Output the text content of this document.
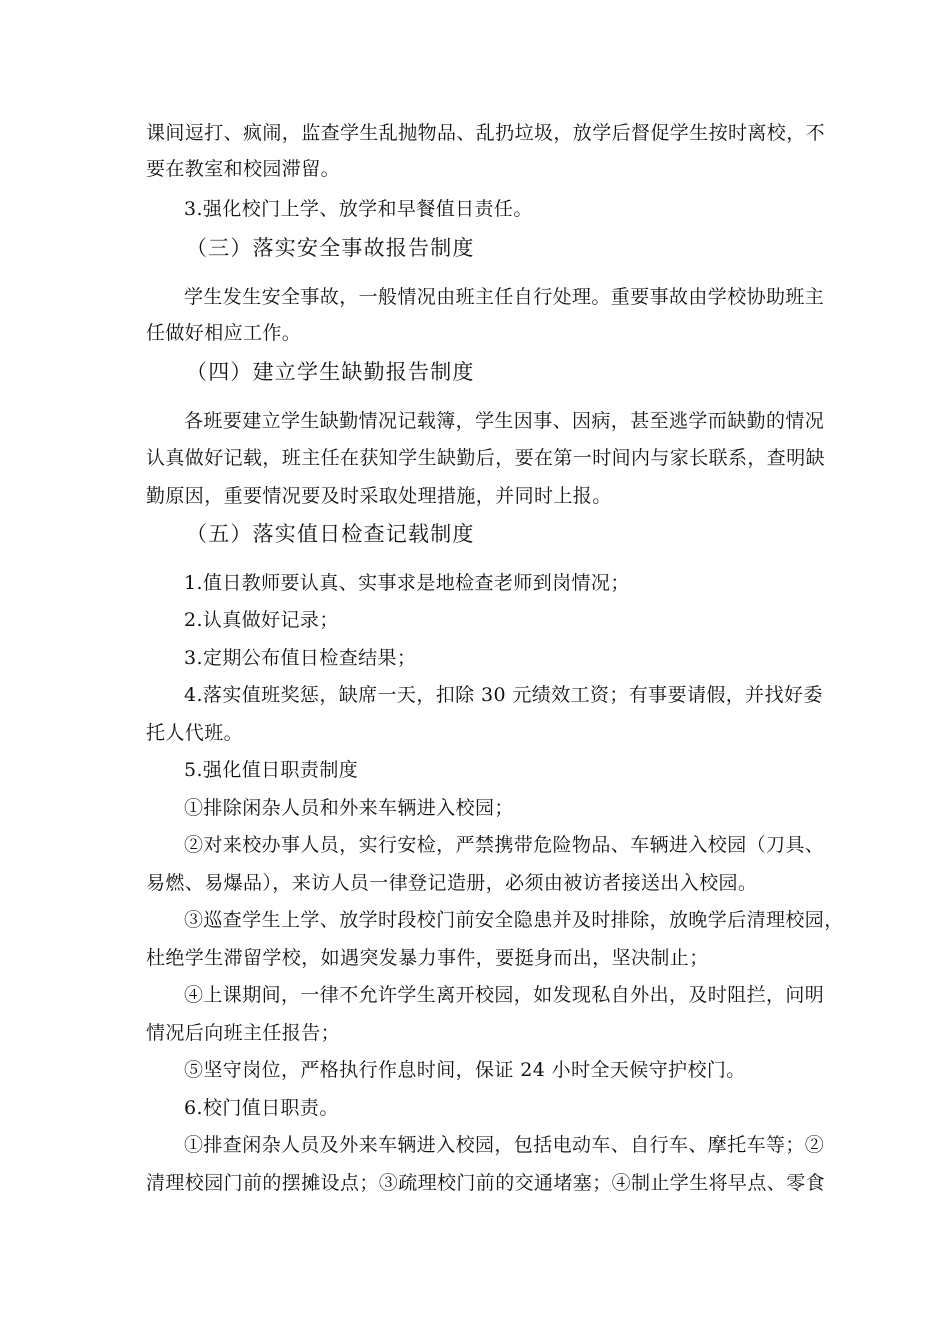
课间逗打、疯闹，监查学生乱抛物品、乱扔垃圾，放学后督促学生按时离校，不
要在教室和校园滞留。
3.强化校门上学、放学和早餐值日责任。
（三）落实安全事故报告制度
学生发生安全事故，一般情况由班主任自行处理。重要事故由学校协助班主
任做好相应工作。
（四）建立学生缺勤报告制度
各班要建立学生缺勤情况记载簿，学生因事、因病，甚至逃学而缺勤的情况
认真做好记载，班主任在获知学生缺勤后，要在第一时间内与家长联系，查明缺
勤原因，重要情况要及时采取处理措施，并同时上报。
（五）落实值日检查记载制度
1.值日教师要认真、实事求是地检查老师到岗情况；
2.认真做好记录；
3.定期公布值日检查结果；
4.落实值班奖惩，缺席一天，扣除 30 元绩效工资；有事要请假，并找好委
托人代班。
5.强化值日职责制度
①排除闲杂人员和外来车辆进入校园；
②对来校办事人员，实行安检，严禁携带危险物品、车辆进入校园（刀具、
易燃、易爆品），来访人员一律登记造册，必须由被访者接送出入校园。
③巡查学生上学、放学时段校门前安全隐患并及时排除，放晚学后清理校园，
杜绝学生滞留学校，如遇突发暴力事件，要挺身而出，坚决制止；
④上课期间，一律不允许学生离开校园，如发现私自外出，及时阻拦，问明
情况后向班主任报告；
⑤坚守岗位，严格执行作息时间，保证 24 小时全天候守护校门。
6.校门值日职责。
①排查闲杂人员及外来车辆进入校园，包括电动车、自行车、摩托车等；②
清理校园门前的摆摊设点；③疏理校门前的交通堵塞；④制止学生将早点、零食
